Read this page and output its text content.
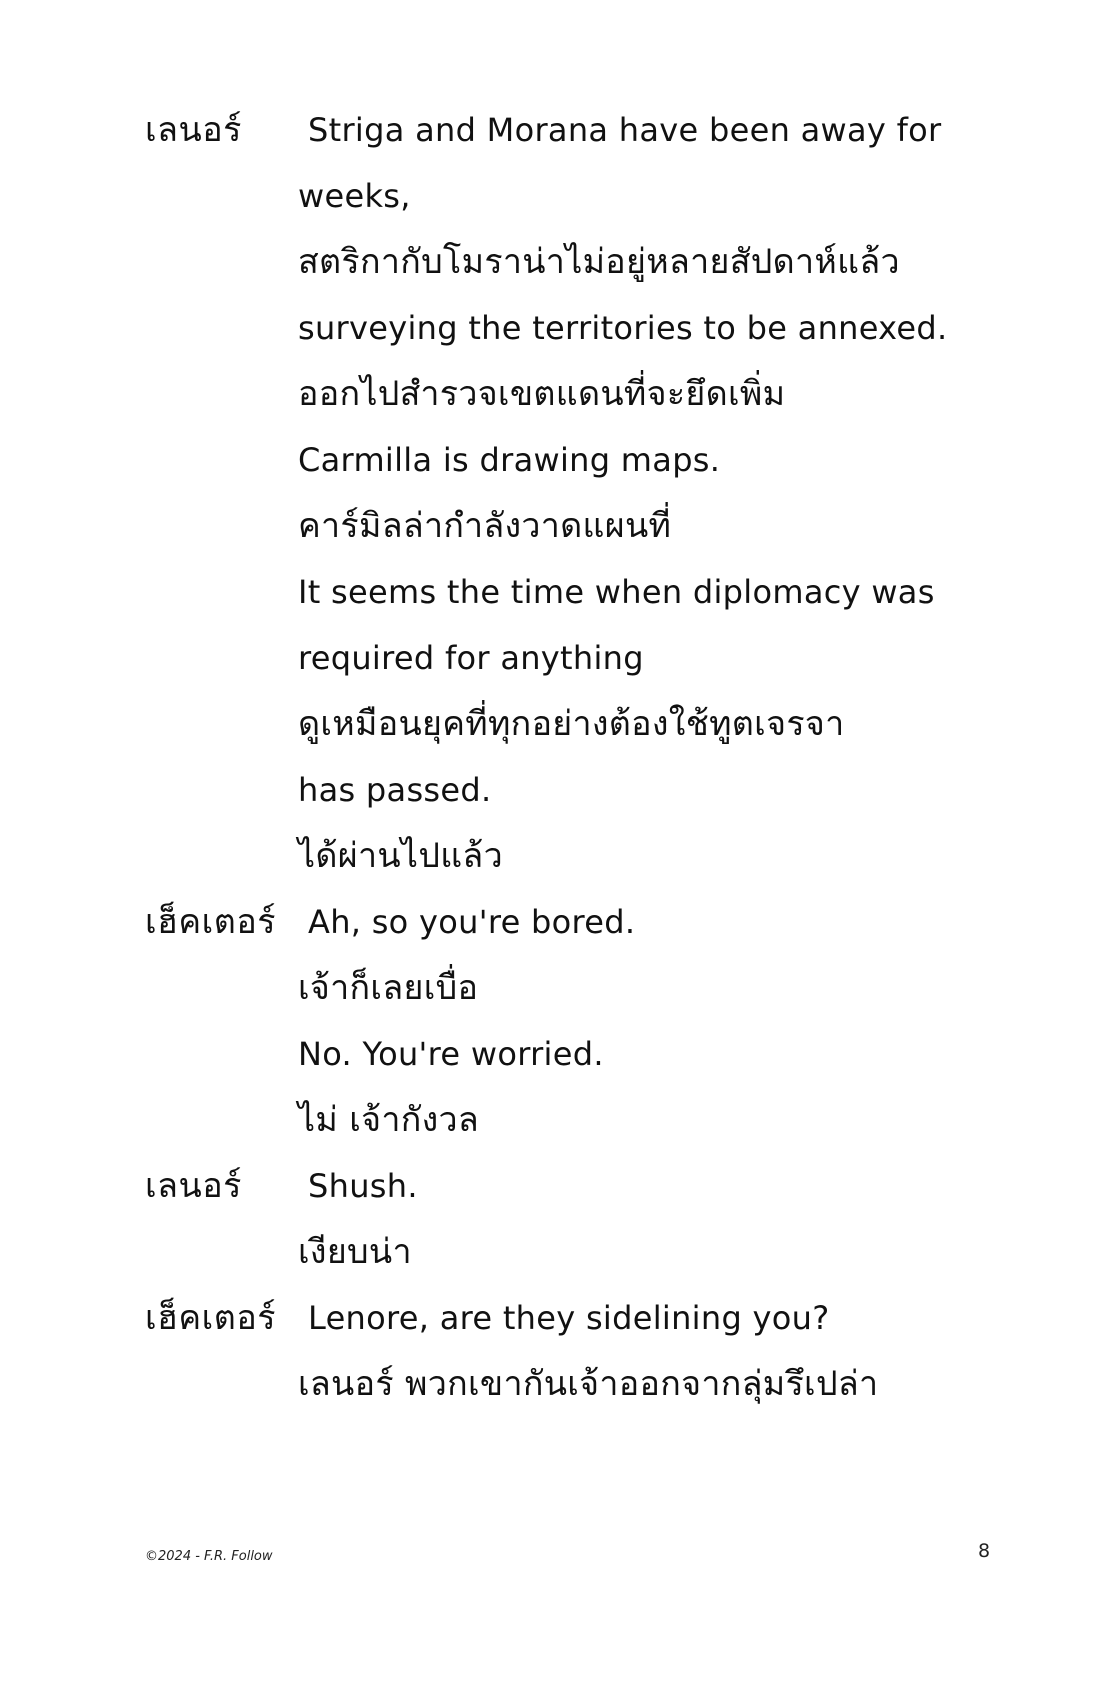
เลนอร์ Striga and Morana have been away for
weeks,
สตริกากับโมราน่าไม่อยู่หลายสัปดาห์แล้ว
surveying the territories to be annexed.
ออกไปสำรวจเขตแดนที่จะยึดเพิ่ม
Carmilla is drawing maps.
คาร์มิลล่ากำลังวาดแผนที่
It seems the time when diplomacy was
required for anything
ดูเหมือนยุคที่ทุกอย่างต้องใช้ทูตเจรจา
has passed.
ได้ผ่านไปแล้ว
เฮ็คเตอร์ Ah, so you're bored.
เจ้าก็เลยเบื่อ
No. You're worried.
ไม่ เจ้ากังวล
เลนอร์ Shush.
เงียบน่า
เฮ็คเตอร์ Lenore, are they sidelining you?
เลนอร์ พวกเขากันเจ้าออกจากลุ่มรึเปล่า
©2024 - F.R. Follow	8
